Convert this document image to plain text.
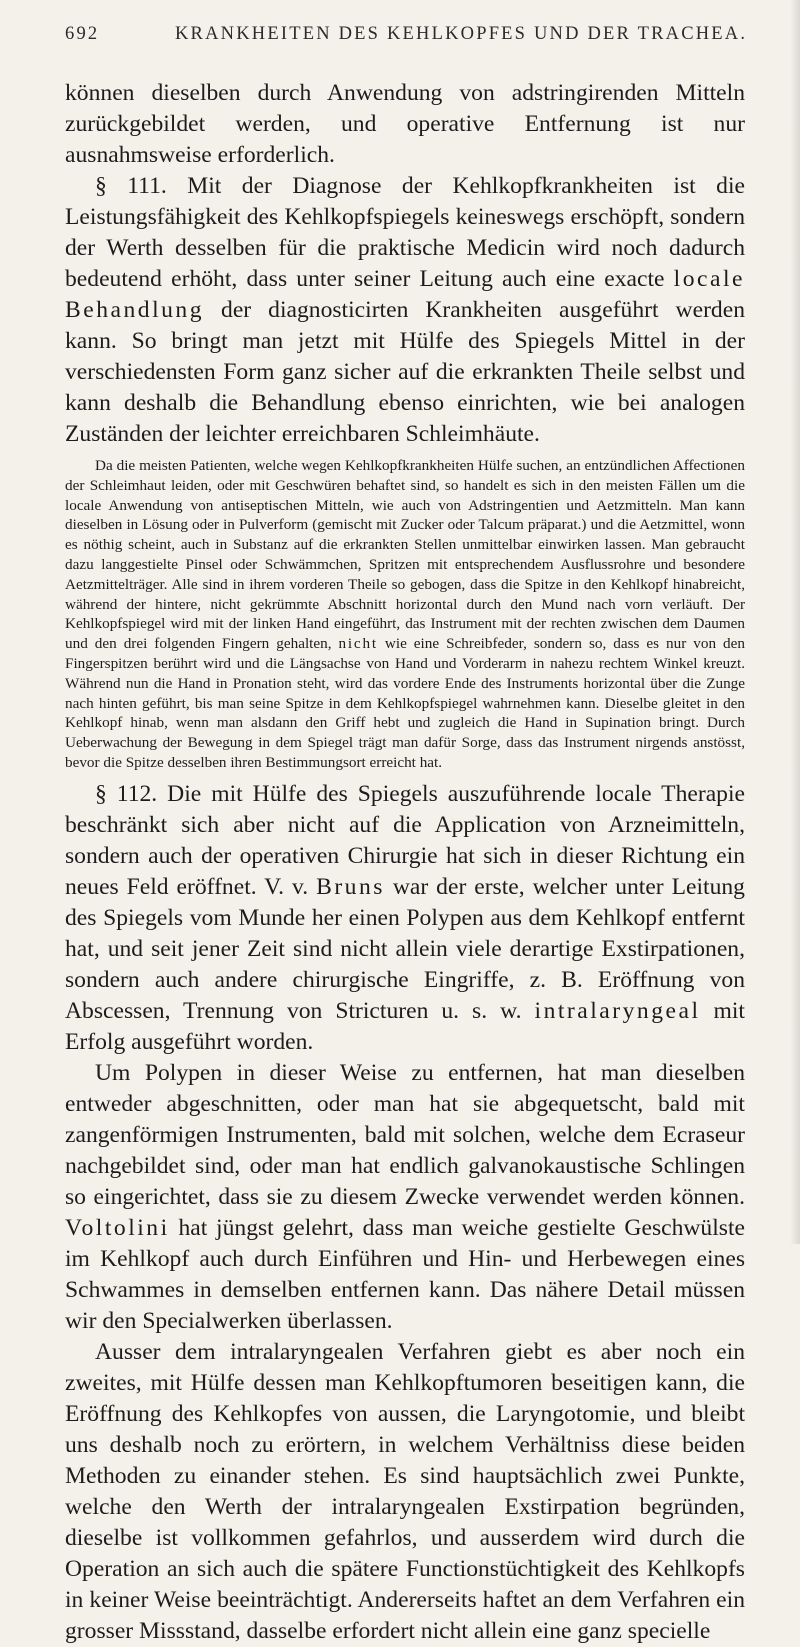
692	KRANKHEITEN DES KEHLKOPFES UND DER TRACHEA.

können dieselben durch Anwendung von adstringirenden Mitteln zurückgebildet werden, und operative Entfernung ist nur ausnahmsweise erforderlich.

§ 111. Mit der Diagnose der Kehlkopfkrankheiten ist die Leistungsfähigkeit des Kehlkopfspiegels keineswegs erschöpft, sondern der Werth desselben für die praktische Medicin wird noch dadurch bedeutend erhöht, dass unter seiner Leitung auch eine exacte locale Behandlung der diagnosticirten Krankheiten ausgeführt werden kann. So bringt man jetzt mit Hülfe des Spiegels Mittel in der verschiedensten Form ganz sicher auf die erkrankten Theile selbst und kann deshalb die Behandlung ebenso einrichten, wie bei analogen Zuständen der leichter erreichbaren Schleimhäute.

Da die meisten Patienten, welche wegen Kehlkopfkrankheiten Hülfe suchen, an entzündlichen Affectionen der Schleimhaut leiden, oder mit Geschwüren behaftet sind, so handelt es sich in den meisten Fällen um die locale Anwendung von antiseptischen Mitteln, wie auch von Adstringentien und Aetzmitteln. Man kann dieselben in Lösung oder in Pulverform (gemischt mit Zucker oder Talcum präparat.) und die Aetzmittel, wonn es nöthig scheint, auch in Substanz auf die erkrankten Stellen unmittelbar einwirken lassen. Man gebraucht dazu langgestielte Pinsel oder Schwämmchen, Spritzen mit entsprechendem Ausflussrohre und besondere Aetzmittelträger. Alle sind in ihrem vorderen Theile so gebogen, dass die Spitze in den Kehlkopf hinabreicht, während der hintere, nicht gekrümmte Abschnitt horizontal durch den Mund nach vorn verläuft. Der Kehlkopfspiegel wird mit der linken Hand eingeführt, das Instrument mit der rechten zwischen dem Daumen und den drei folgenden Fingern gehalten, nicht wie eine Schreibfeder, sondern so, dass es nur von den Fingerspitzen berührt wird und die Längsachse von Hand und Vorderarm in nahezu rechtem Winkel kreuzt. Während nun die Hand in Pronation steht, wird das vordere Ende des Instruments horizontal über die Zunge nach hinten geführt, bis man seine Spitze in dem Kehlkopfspiegel wahrnehmen kann. Dieselbe gleitet in den Kehlkopf hinab, wenn man alsdann den Griff hebt und zugleich die Hand in Supination bringt. Durch Ueberwachung der Bewegung in dem Spiegel trägt man dafür Sorge, dass das Instrument nirgends anstösst, bevor die Spitze desselben ihren Bestimmungsort erreicht hat.

§ 112. Die mit Hülfe des Spiegels auszuführende locale Therapie beschränkt sich aber nicht auf die Application von Arzneimitteln, sondern auch der operativen Chirurgie hat sich in dieser Richtung ein neues Feld eröffnet. V. v. Bruns war der erste, welcher unter Leitung des Spiegels vom Munde her einen Polypen aus dem Kehlkopf entfernt hat, und seit jener Zeit sind nicht allein viele derartige Exstirpationen, sondern auch andere chirurgische Eingriffe, z. B. Eröffnung von Abscessen, Trennung von Stricturen u. s. w. intralaryngeal mit Erfolg ausgeführt worden.

Um Polypen in dieser Weise zu entfernen, hat man dieselben entweder abgeschnitten, oder man hat sie abgequetscht, bald mit zangenförmigen Instrumenten, bald mit solchen, welche dem Ecraseur nachgebildet sind, oder man hat endlich galvanokaustische Schlingen so eingerichtet, dass sie zu diesem Zwecke verwendet werden können. Voltolini hat jüngst gelehrt, dass man weiche gestielte Geschwülste im Kehlkopf auch durch Einführen und Hin- und Herbewegen eines Schwammes in demselben entfernen kann. Das nähere Detail müssen wir den Specialwerken überlassen.

Ausser dem intralaryngealen Verfahren giebt es aber noch ein zweites, mit Hülfe dessen man Kehlkopftumoren beseitigen kann, die Eröffnung des Kehlkopfes von aussen, die Laryngotomie, und bleibt uns deshalb noch zu erörtern, in welchem Verhältniss diese beiden Methoden zu einander stehen. Es sind hauptsächlich zwei Punkte, welche den Werth der intralaryngealen Exstirpation begründen, dieselbe ist vollkommen gefahrlos, und ausserdem wird durch die Operation an sich auch die spätere Functionstüchtigkeit des Kehlkopfs in keiner Weise beeinträchtigt. Andererseits haftet an dem Verfahren ein grosser Missstand, dasselbe erfordert nicht allein eine ganz specielle
